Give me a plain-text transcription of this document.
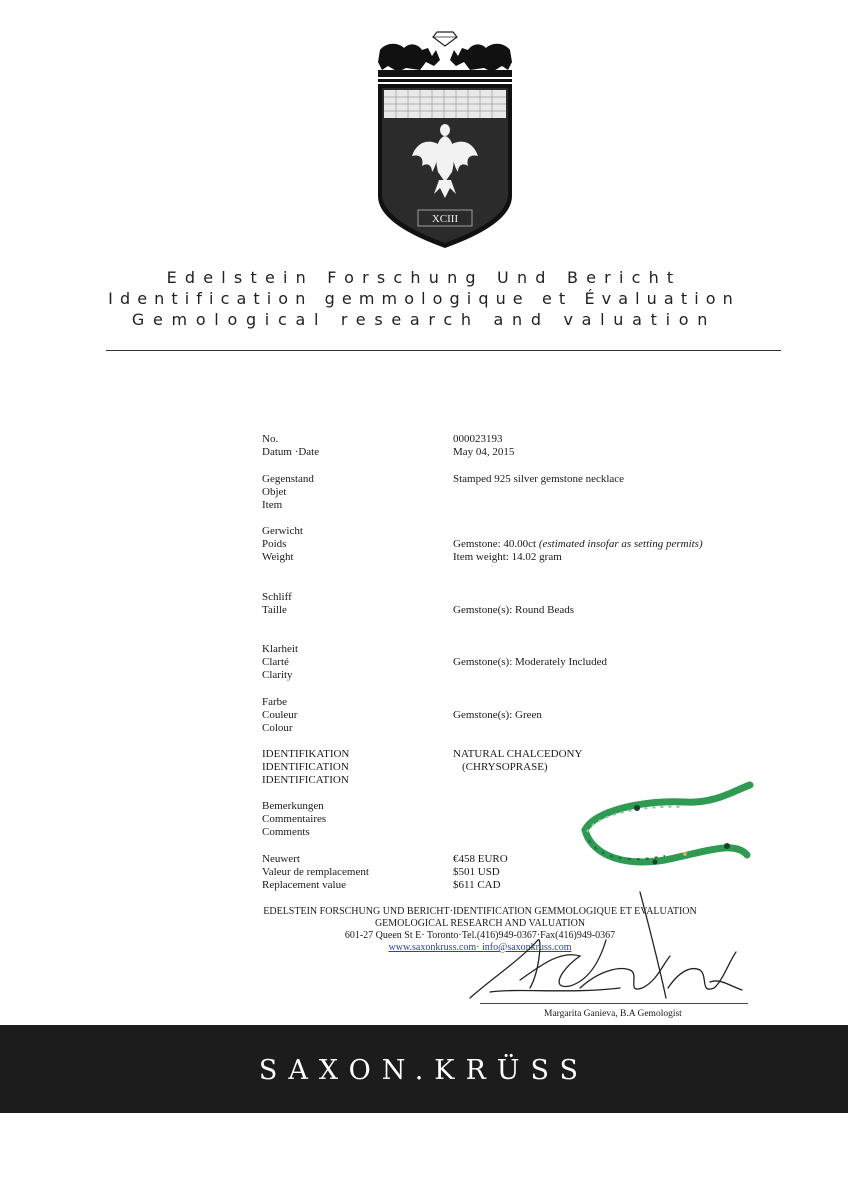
XCIII
Edelstein Forschung Und Bericht
Identification gemmologique et Évaluation
Gemological research and valuation
No.
Datum ·Date
000023193
May 04, 2015
Gegenstand
Objet
Item
Stamped 925 silver gemstone necklace
Gerwicht
Poids
Weight
Gemstone: 40.00ct (estimated insofar as setting permits)
Item weight: 14.02 gram
Schliff
Taille	Gemstone(s): Round Beads
Klarheit
Clarté
Clarity
Gemstone(s): Moderately Included
Farbe
Couleur
Colour
Gemstone(s): Green
IDENTIFIKATION
IDENTIFICATION
IDENTIFICATION
NATURAL CHALCEDONY
(CHRYSOPRASE)
Bemerkungen
Commentaires
Comments
Neuwert
Valeur de remplacement
Replacement value
€458 EURO
$501 USD
$611 CAD
EDELSTEIN FORSCHUNG UND BERICHT·IDENTIFICATION GEMMOLOGIQUE ET EVALUATION
GEMOLOGICAL RESEARCH AND VALUATION
601-27 Queen St E· Toronto·Tel.(416)949-0367·Fax(416)949-0367
www.saxonkruss.com· info@saxonkruss.com
Margarita Ganieva, B.A Gemologist
SAXON.KRÜSS
